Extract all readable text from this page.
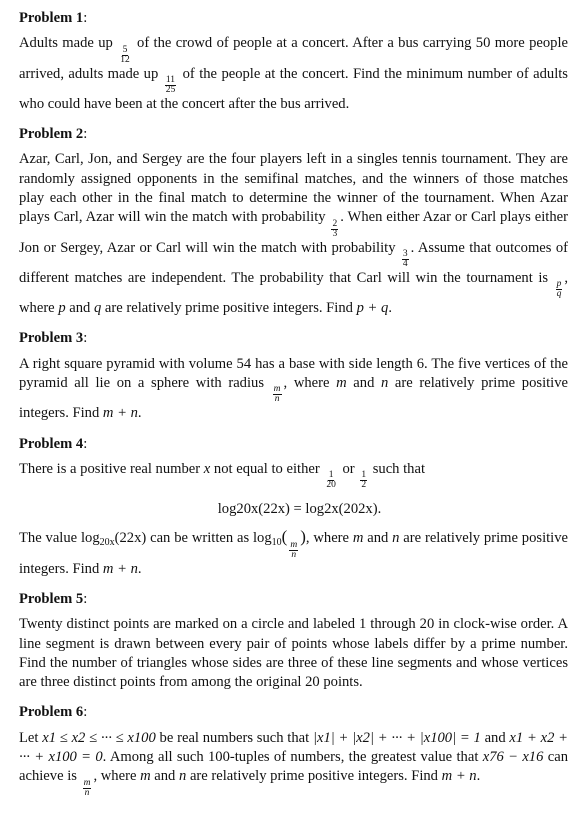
Problem 1:
Adults made up
$\frac{5}{12}$
of the crowd of people at a concert. After a bus carrying 50 more people arrived, adults made up
$\frac{11}{25}$
of the people at the concert. Find the minimum number of adults who could have been at the concert after the bus arrived.
Problem 2:
Azar, Carl, Jon, and Sergey are the four players left in a singles tennis tournament. They are randomly assigned opponents in the semifinal matches, and the winners of those matches play each other in the final match to determine the winner of the tournament. When Azar plays Carl, Azar will win the match with probability
$\frac{2}{3}$
. When either Azar or Carl plays either Jon or Sergey, Azar or Carl will win the match with probability
$\frac{3}{4}$
. Assume that outcomes of different matches are independent. The probability that Carl will win the tournament is
$\frac{p}{q}$
, where p and q are relatively prime positive integers. Find p + q.
Problem 3:
A right square pyramid with volume 54 has a base with side length 6. The five vertices of the pyramid all lie on a sphere with radius
$\frac{m}{n}$
, where m and n are relatively prime positive integers. Find m + n.
Problem 4:
There is a positive real number x not equal to either
$\frac{1}{20}$
or
$\frac{1}{2}$
such that
log20x(22x) = log2x(202x).
The value $\log_{20x}(22x)$ can be written as $\log_{10}$(
$\frac{m}{n}$
), where m and n are relatively prime positive integers. Find m + n.
Problem 5:
Twenty distinct points are marked on a circle and labeled 1 through 20 in clock-wise order. A line segment is drawn between every pair of points whose labels differ by a prime number. Find the number of triangles whose sides are three of these line segments and whose vertices are three distinct points from among the original 20 points.
Problem 6:
Let x1 ≤ x2 ≤ ··· ≤ x100 be real numbers such that |x1| + |x2| + ··· + |x100| = 1 and x1 + x2 + ··· + x100 = 0. Among all such 100-tuples of numbers, the greatest value that x76 − x16 can achieve is
$\frac{m}{n}$
, where m and n are relatively prime positive integers. Find m + n.
